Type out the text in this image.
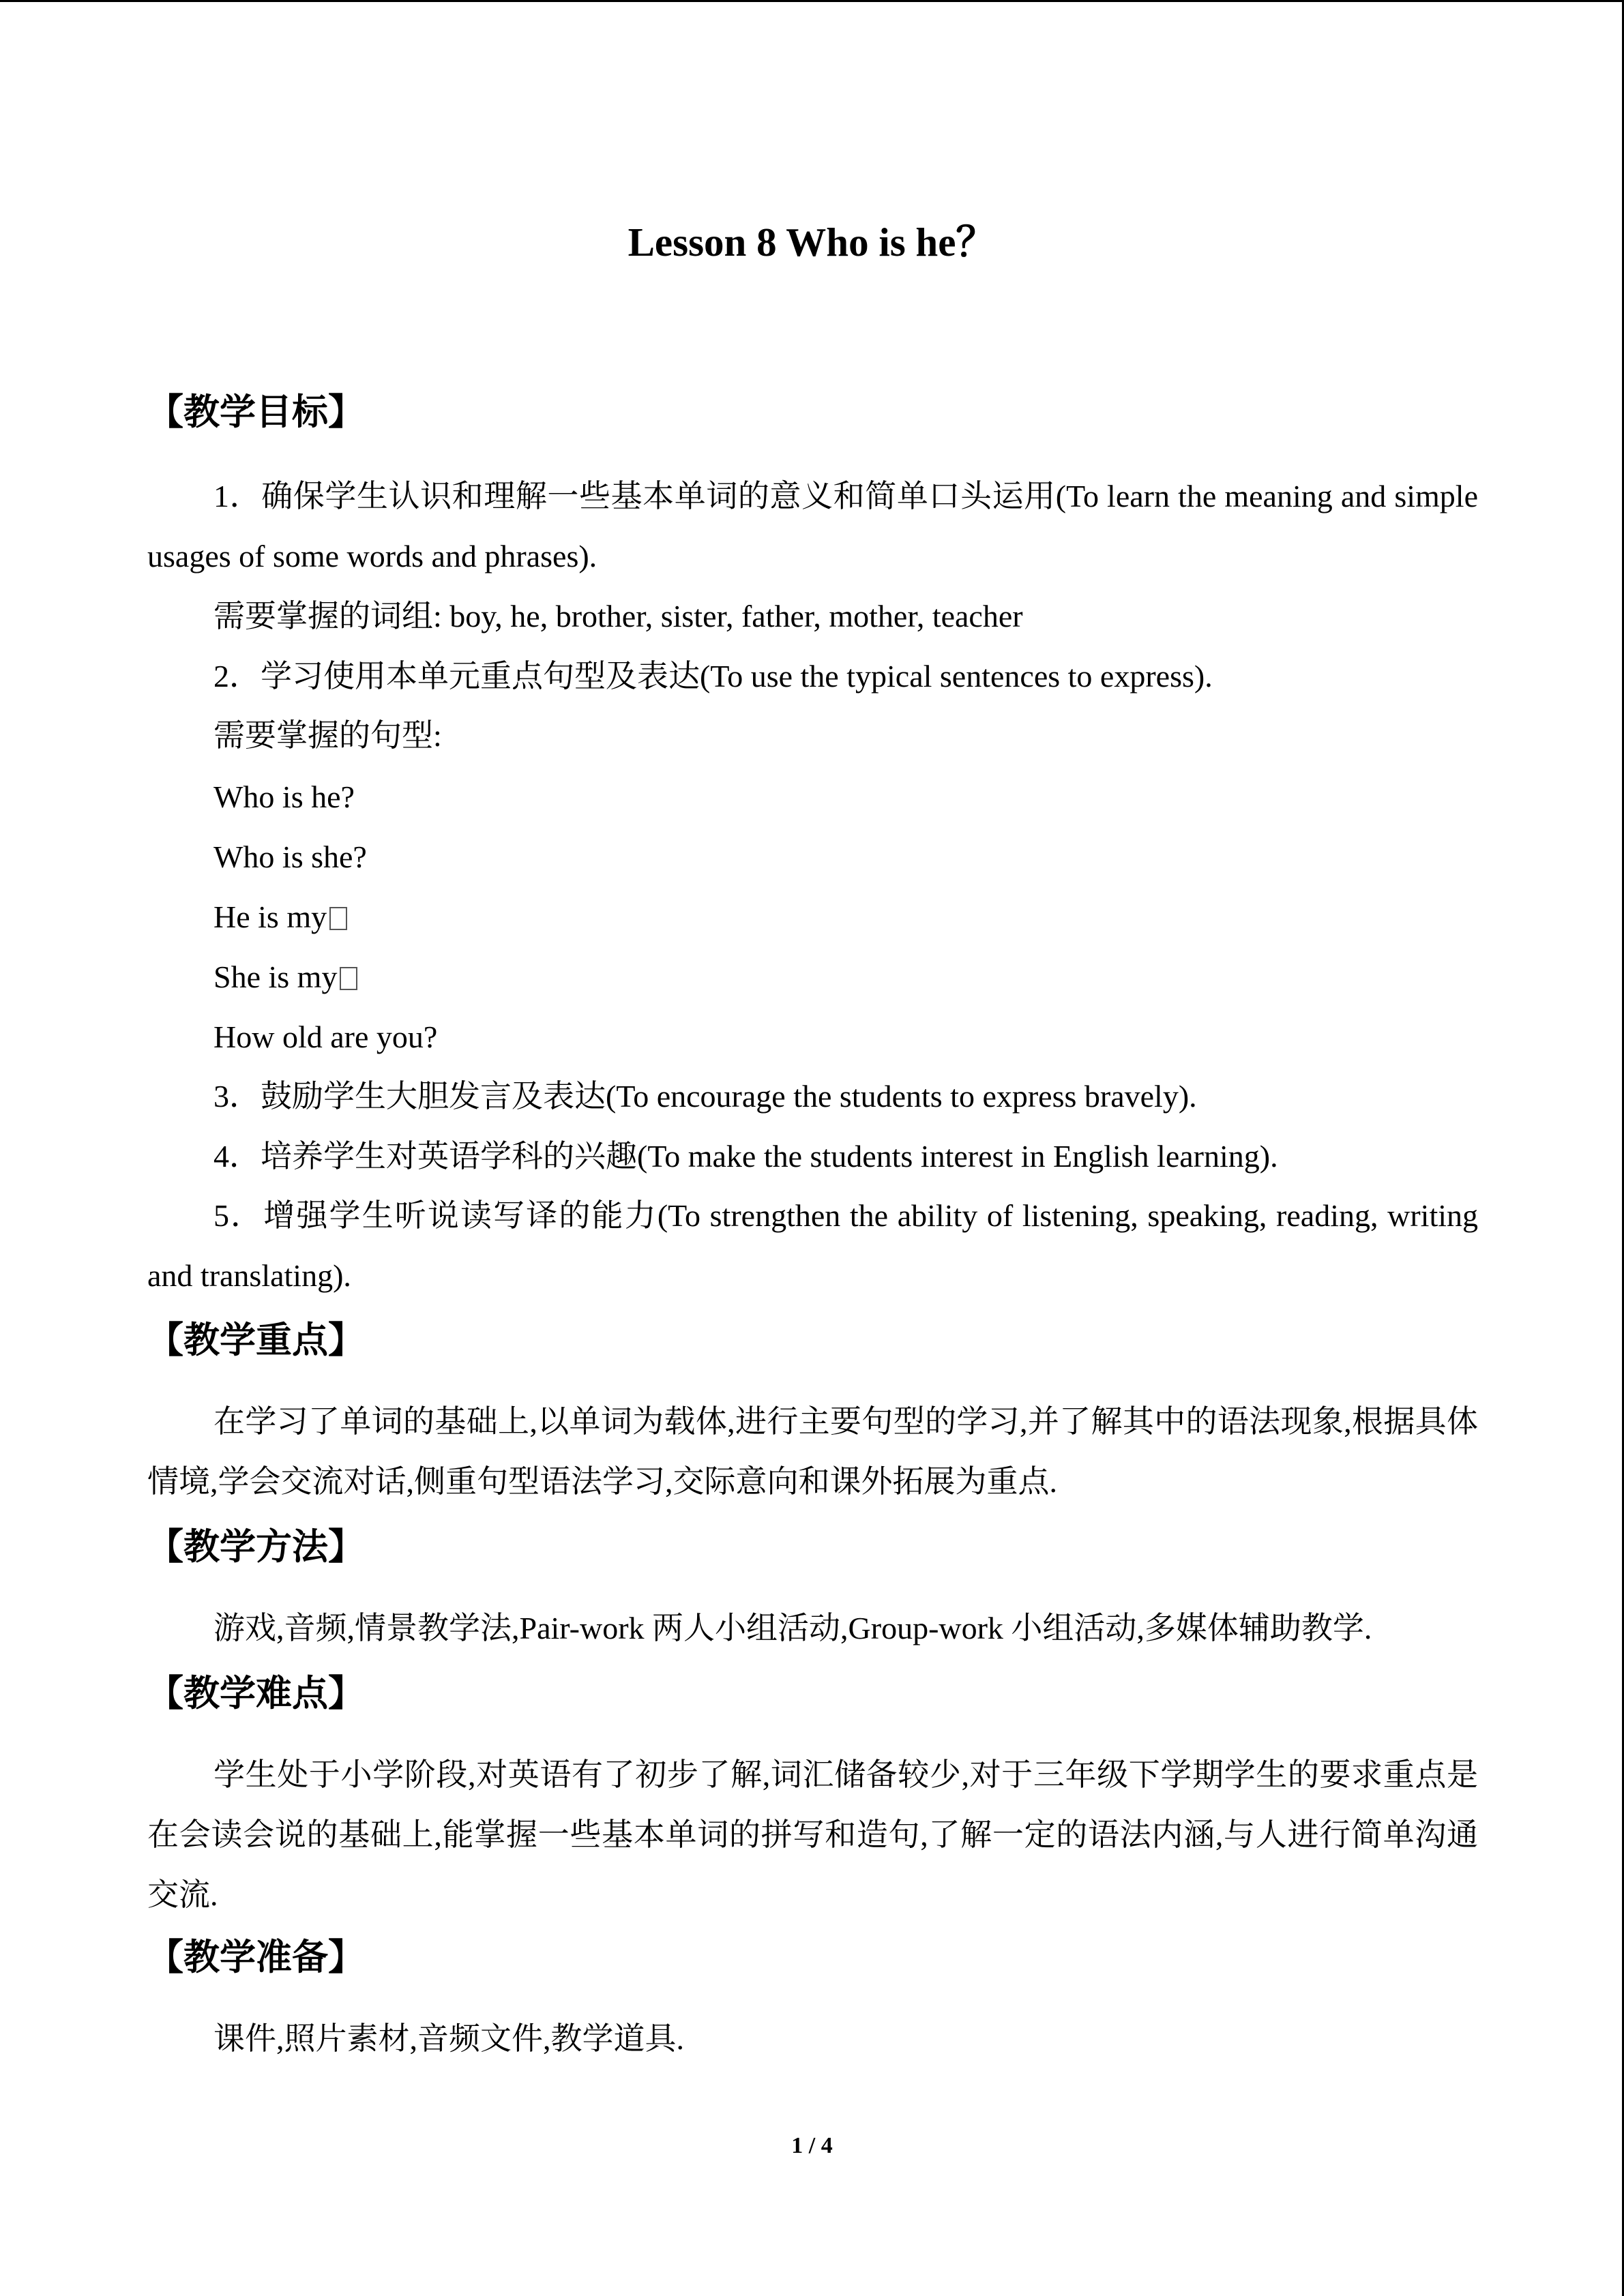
Lesson 8 Who is he？
【教学目标】
1．确保学生认识和理解一些基本单词的意义和简单口头运用(To learn the meaning and simple usages of some words and phrases).
需要掌握的词组: boy, he, brother, sister, father, mother, teacher
2．学习使用本单元重点句型及表达(To use the typical sentences to express).
需要掌握的句型:
Who is he?
Who is she?
He is my
She is my
How old are you?
3．鼓励学生大胆发言及表达(To encourage the students to express bravely).
4．培养学生对英语学科的兴趣(To make the students interest in English learning).
5．增强学生听说读写译的能力(To strengthen the ability of listening, speaking, reading, writing and translating).
【教学重点】
在学习了单词的基础上,以单词为载体,进行主要句型的学习,并了解其中的语法现象,根据具体情境,学会交流对话,侧重句型语法学习,交际意向和课外拓展为重点.
【教学方法】
游戏,音频,情景教学法,Pair-work 两人小组活动,Group-work 小组活动,多媒体辅助教学.
【教学难点】
学生处于小学阶段,对英语有了初步了解,词汇储备较少,对于三年级下学期学生的要求重点是在会读会说的基础上,能掌握一些基本单词的拼写和造句,了解一定的语法内涵,与人进行简单沟通交流.
【教学准备】
课件,照片素材,音频文件,教学道具.
1 / 4
